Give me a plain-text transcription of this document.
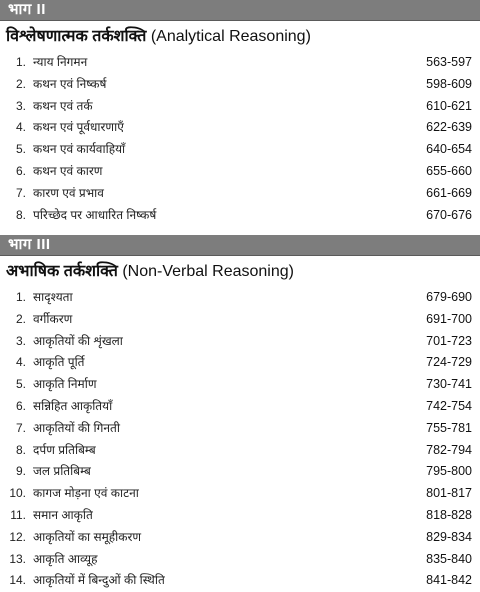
भाग II
विश्लेषणात्मक तर्कशक्ति (Analytical Reasoning)
1. न्याय निगमन	563-597
2. कथन एवं निष्कर्ष	598-609
3. कथन एवं तर्क	610-621
4. कथन एवं पूर्वधारणाएँ	622-639
5. कथन एवं कार्यवाहियाँ	640-654
6. कथन एवं कारण	655-660
7. कारण एवं प्रभाव	661-669
8. परिच्छेद पर आधारित निष्कर्ष	670-676
भाग III
अभाषिक तर्कशक्ति (Non-Verbal Reasoning)
1. सादृश्यता	679-690
2. वर्गीकरण	691-700
3. आकृतियों की शृंखला	701-723
4. आकृति पूर्ति	724-729
5. आकृति निर्माण	730-741
6. सन्निहित आकृतियाँ	742-754
7. आकृतियों की गिनती	755-781
8. दर्पण प्रतिबिम्ब	782-794
9. जल प्रतिबिम्ब	795-800
10. कागज मोड़ना एवं काटना	801-817
11. समान आकृति	818-828
12. आकृतियों का समूहीकरण	829-834
13. आकृति आव्यूह	835-840
14. आकृतियों में बिन्दुओं की स्थिति	841-842
